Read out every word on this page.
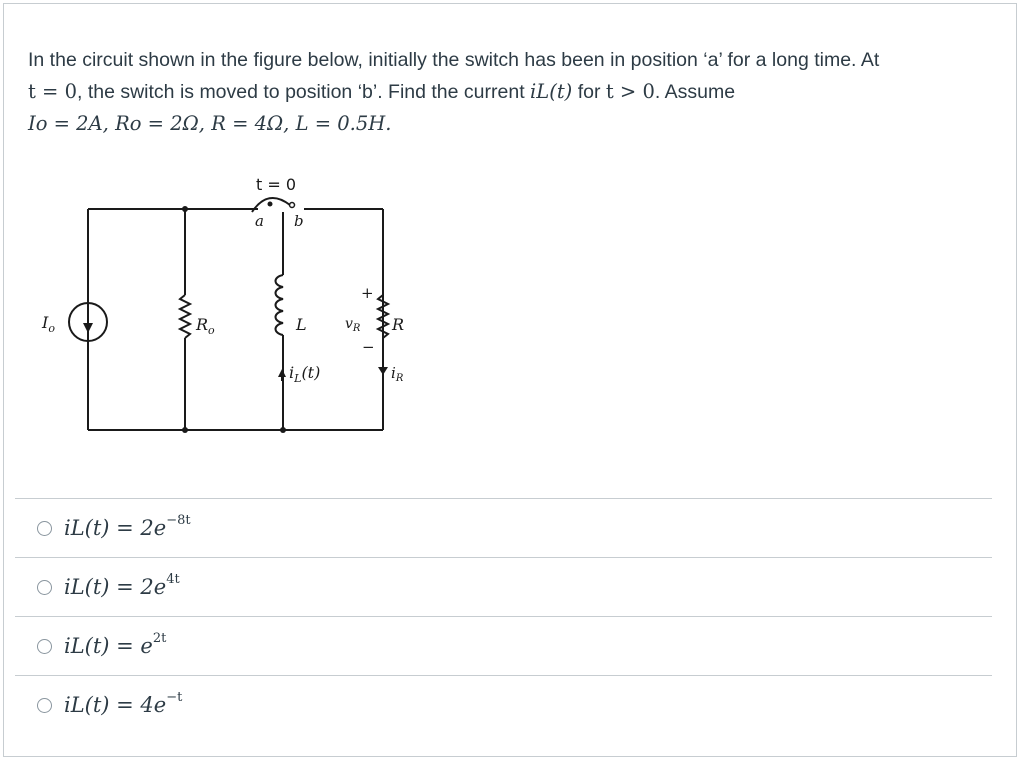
In the circuit shown in the figure below, initially the switch has been in position ‘a’ for a long time. At
t = 0, the switch is moved to position ‘b’. Find the current iL(t) for t > 0. Assume
Io = 2A, Ro = 2Ω, R = 4Ω, L = 0.5H.
t = 0
a b
$I_o$	$R_o$	L	R
$v_R$
+
−
$i_L(t)$	$i_R$
$iL(t) = 2e^{-8t}$
$iL(t) = 2e^{4t}$
$iL(t) = e^{2t}$
$iL(t) = 4e^{-t}$
